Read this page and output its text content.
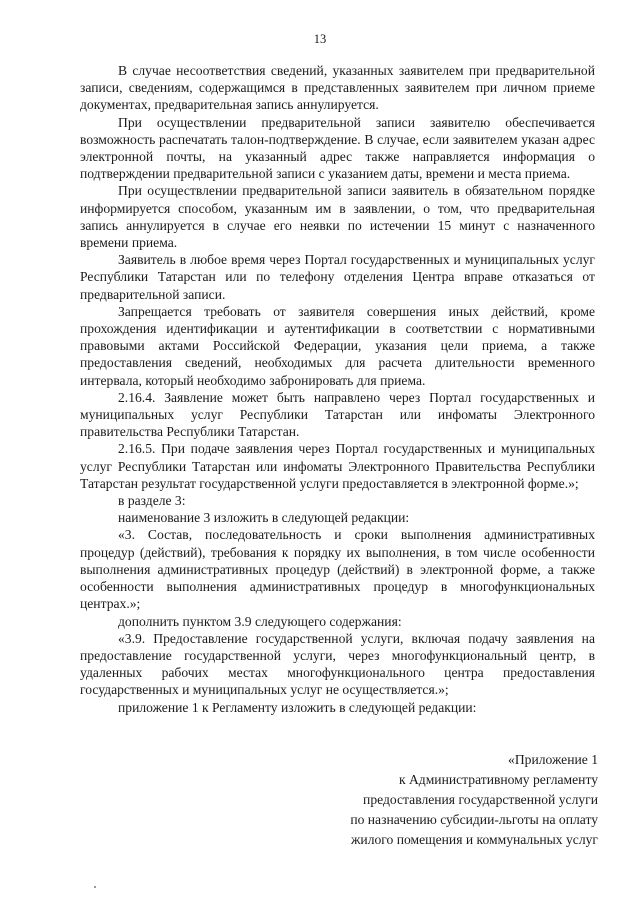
13

В случае несоответствия сведений, указанных заявителем при предварительной записи, сведениям, содержащимся в представленных заявителем при личном приеме документах, предварительная запись аннулируется.

При осуществлении предварительной записи заявителю обеспечивается возможность распечатать талон-подтверждение. В случае, если заявителем указан адрес электронной почты, на указанный адрес также направляется информация о подтверждении предварительной записи с указанием даты, времени и места приема.

При осуществлении предварительной записи заявитель в обязательном порядке информируется способом, указанным им в заявлении, о том, что предварительная запись аннулируется в случае его неявки по истечении 15 минут с назначенного времени приема.

Заявитель в любое время через Портал государственных и муниципальных услуг Республики Татарстан или по телефону отделения Центра вправе отказаться от предварительной записи.

Запрещается требовать от заявителя совершения иных действий, кроме прохождения идентификации и аутентификации в соответствии с нормативными правовыми актами Российской Федерации, указания цели приема, а также предоставления сведений, необходимых для расчета длительности временного интервала, который необходимо забронировать для приема.

2.16.4. Заявление может быть направлено через Портал государственных и муниципальных услуг Республики Татарстан или инфоматы Электронного правительства Республики Татарстан.

2.16.5. При подаче заявления через Портал государственных и муниципальных услуг Республики Татарстан или инфоматы Электронного Правительства Республики Татарстан результат государственной услуги предоставляется в электронной форме.»;

в разделе 3:

наименование 3 изложить в следующей редакции:

«3. Состав, последовательность и сроки выполнения административных процедур (действий), требования к порядку их выполнения, в том числе особенности выполнения административных процедур (действий) в электронной форме, а также особенности выполнения административных процедур в многофункциональных центрах.»;

дополнить пунктом 3.9 следующего содержания:

«3.9. Предоставление государственной услуги, включая подачу заявления на предоставление государственной услуги, через многофункциональный центр, в удаленных рабочих местах многофункционального центра предоставления государственных и муниципальных услуг не осуществляется.»;

приложение 1 к Регламенту изложить в следующей редакции:

«Приложение 1
к Административному регламенту
предоставления государственной услуги
по назначению субсидии-льготы на оплату
жилого помещения и коммунальных услуг
